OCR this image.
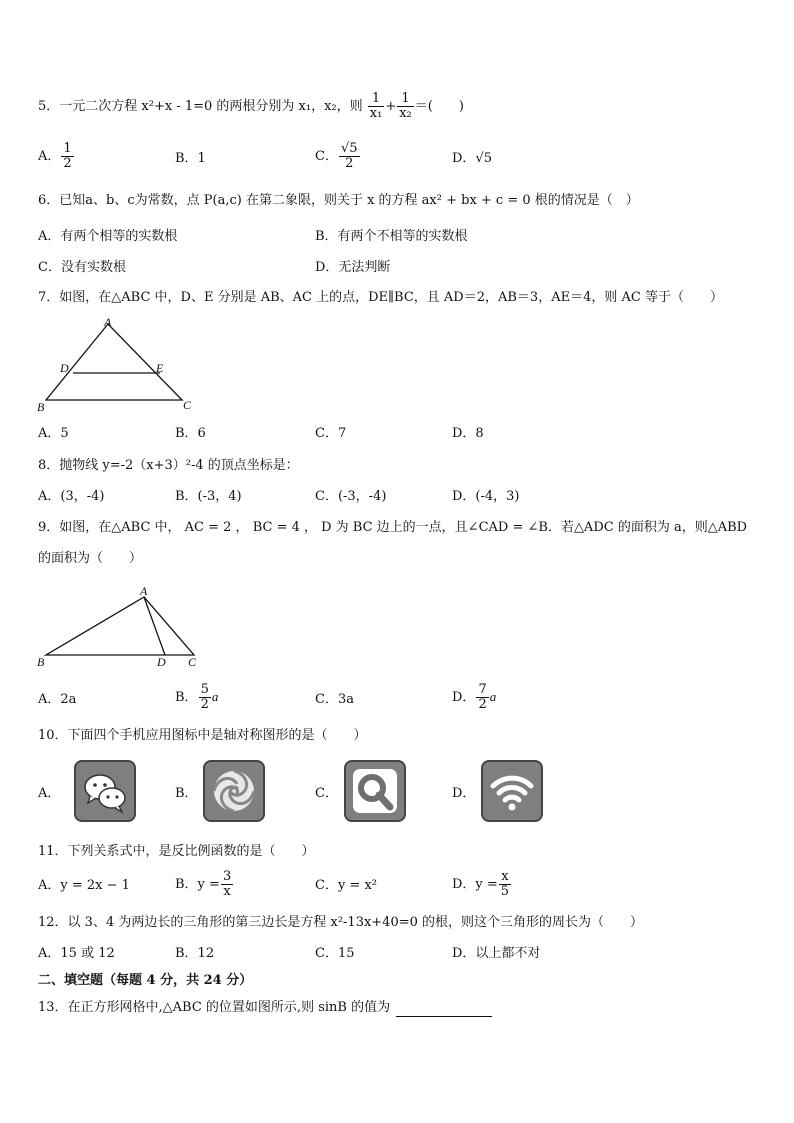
5．一元二次方程 x²+x - 1=0 的两根分别为 x₁，x₂，则 $\frac{1}{\text{x₁}} + \frac{1}{\text{x₂}}$ ＝(　　)
A． $\frac{1}{2}$	B．1	C． $\frac{√5}{2}$	D．√5
6．已知a、b、c为常数，点 P(a,c) 在第二象限，则关于 x 的方程 ax² + bx + c = 0 根的情况是（　）
A．有两个相等的实数根	B．有两个不相等的实数根
C．没有实数根	D．无法判断
7．如图，在△ABC 中，D、E 分别是 AB、AC 上的点，DE∥BC，且 AD＝2，AB＝3，AE＝4，则 AC 等于（　　）
A
B	C
D	E
A．5	B．6	C．7	D．8
8．抛物线 y=-2（x+3）²-4 的顶点坐标是：
A．(3，-4)	B．(-3，4)	C．(-3，-4)	D．(-4，3)
9．如图，在△ABC 中， AC = 2 ， BC = 4 ， D 为 BC 边上的一点，且∠CAD = ∠B．若△ADC 的面积为 a，则△ABD
的面积为（　　）
A
B	D C
A．2a	B． $\frac{5}{2}$ a	C．3a	D． $\frac{7}{2}$ a
10．下面四个手机应用图标中是轴对称图形的是（　　）
A．	B．	C．	D．
11．下列关系式中，是反比例函数的是（　　）
A．y = 2x − 1	B．$y = \frac{3}{x}$	C．y = x²	D．$y = \frac{x}{5}$
12．以 3、4 为两边长的三角形的第三边长是方程 x²-13x+40=0 的根，则这个三角形的周长为（　　）
A．15 或 12	B．12	C．15	D．以上都不对
二、填空题（每题 4 分，共 24 分）
13．在正方形网格中,△ABC 的位置如图所示,则 sinB 的值为
